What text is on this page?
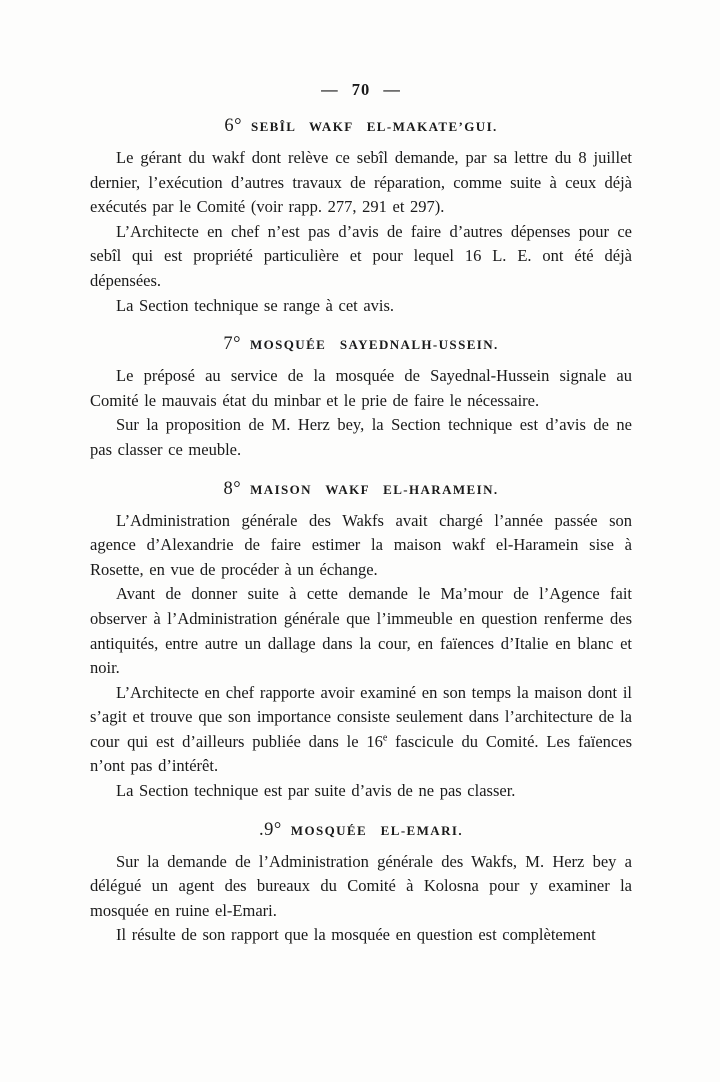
— 70 —
6° SEBÎL WAKF EL-MAKATE’GUI.

Le gérant du wakf dont relève ce sebîl demande, par sa lettre du 8 juillet dernier, l’exécution d’autres travaux de réparation, comme suite à ceux déjà exécutés par le Comité (voir rapp. 277, 291 et 297).

L’Architecte en chef n’est pas d’avis de faire d’autres dépenses pour ce sebîl qui est propriété particulière et pour lequel 16 L. E. ont été déjà dépensées.

La Section technique se range à cet avis.

7° MOSQUÉE SAYEDNALH-USSEIN.

Le préposé au service de la mosquée de Sayednal-Hussein signale au Comité le mauvais état du minbar et le prie de faire le nécessaire.

Sur la proposition de M. Herz bey, la Section technique est d’avis de ne pas classer ce meuble.

8° MAISON WAKF EL-HARAMEIN.

L’Administration générale des Wakfs avait chargé l’année passée son agence d’Alexandrie de faire estimer la maison wakf el-Haramein sise à Rosette, en vue de procéder à un échange.

Avant de donner suite à cette demande le Ma’mour de l’Agence fait observer à l’Administration générale que l’immeuble en question renferme des antiquités, entre autre un dallage dans la cour, en faïences d’Italie en blanc et noir.

L’Architecte en chef rapporte avoir examiné en son temps la maison dont il s’agit et trouve que son importance consiste seulement dans l’architecture de la cour qui est d’ailleurs publiée dans le 16e fascicule du Comité. Les faïences n’ont pas d’intérêt.

La Section technique est par suite d’avis de ne pas classer.

.9° MOSQUÉE EL-EMARI.

Sur la demande de l’Administration générale des Wakfs, M. Herz bey a délégué un agent des bureaux du Comité à Kolosna pour y examiner la mosquée en ruine el-Emari.

Il résulte de son rapport que la mosquée en question est complètement
